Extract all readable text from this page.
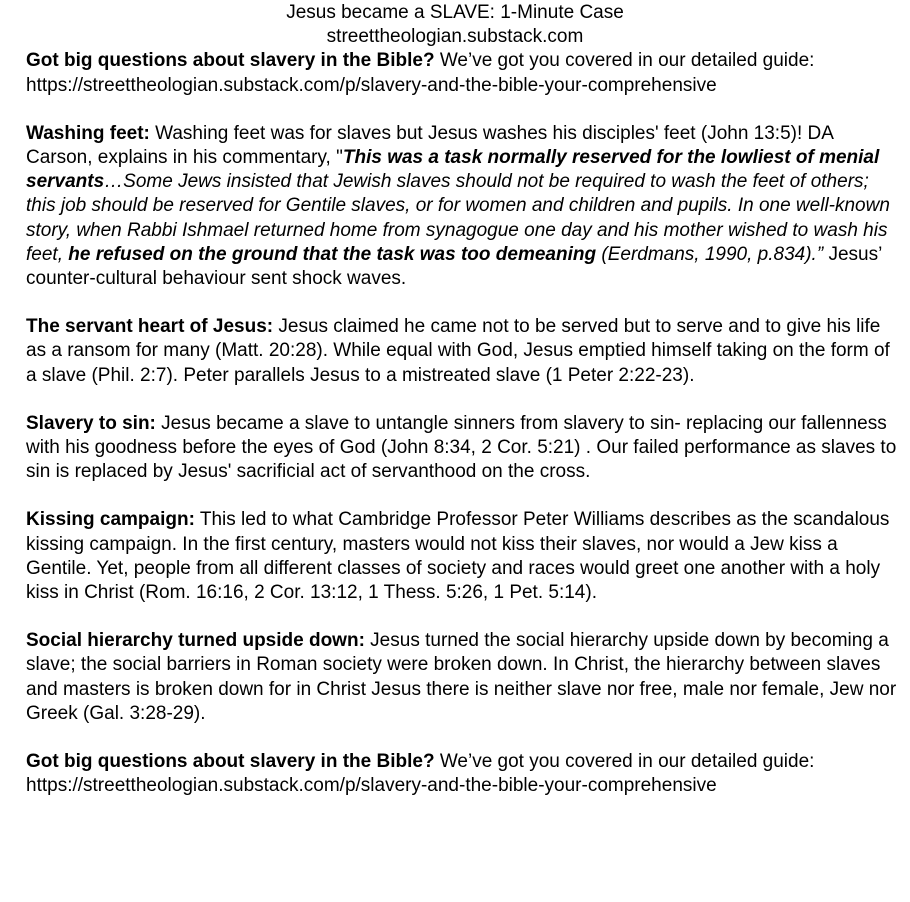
Jesus became a SLAVE: 1-Minute Case
streettheologian.substack.com

Got big questions about slavery in the Bible? We’ve got you covered in our detailed guide:
https://streettheologian.substack.com/p/slavery-and-the-bible-your-comprehensive

Washing feet: Washing feet was for slaves but Jesus washes his disciples' feet (John 13:5)! DA Carson, explains in his commentary, "This was a task normally reserved for the lowliest of menial servants…Some Jews insisted that Jewish slaves should not be required to wash the feet of others; this job should be reserved for Gentile slaves, or for women and children and pupils. In one well-known story, when Rabbi Ishmael returned home from synagogue one day and his mother wished to wash his feet, he refused on the ground that the task was too demeaning (Eerdmans, 1990, p.834).” Jesus’ counter-cultural behaviour sent shock waves.

The servant heart of Jesus: Jesus claimed he came not to be served but to serve and to give his life as a ransom for many (Matt. 20:28). While equal with God, Jesus emptied himself taking on the form of a slave (Phil. 2:7). Peter parallels Jesus to a mistreated slave (1 Peter 2:22-23).

Slavery to sin: Jesus became a slave to untangle sinners from slavery to sin- replacing our fallenness with his goodness before the eyes of God (John 8:34, 2 Cor. 5:21) . Our failed performance as slaves to sin is replaced by Jesus' sacrificial act of servanthood on the cross.

Kissing campaign: This led to what Cambridge Professor Peter Williams describes as the scandalous kissing campaign. In the first century, masters would not kiss their slaves, nor would a Jew kiss a Gentile. Yet, people from all different classes of society and races would greet one another with a holy kiss in Christ (Rom. 16:16, 2 Cor. 13:12, 1 Thess. 5:26, 1 Pet. 5:14).

Social hierarchy turned upside down: Jesus turned the social hierarchy upside down by becoming a slave; the social barriers in Roman society were broken down. In Christ, the hierarchy between slaves and masters is broken down for in Christ Jesus there is neither slave nor free, male nor female, Jew nor Greek (Gal. 3:28-29).

Got big questions about slavery in the Bible? We’ve got you covered in our detailed guide:
https://streettheologian.substack.com/p/slavery-and-the-bible-your-comprehensive
